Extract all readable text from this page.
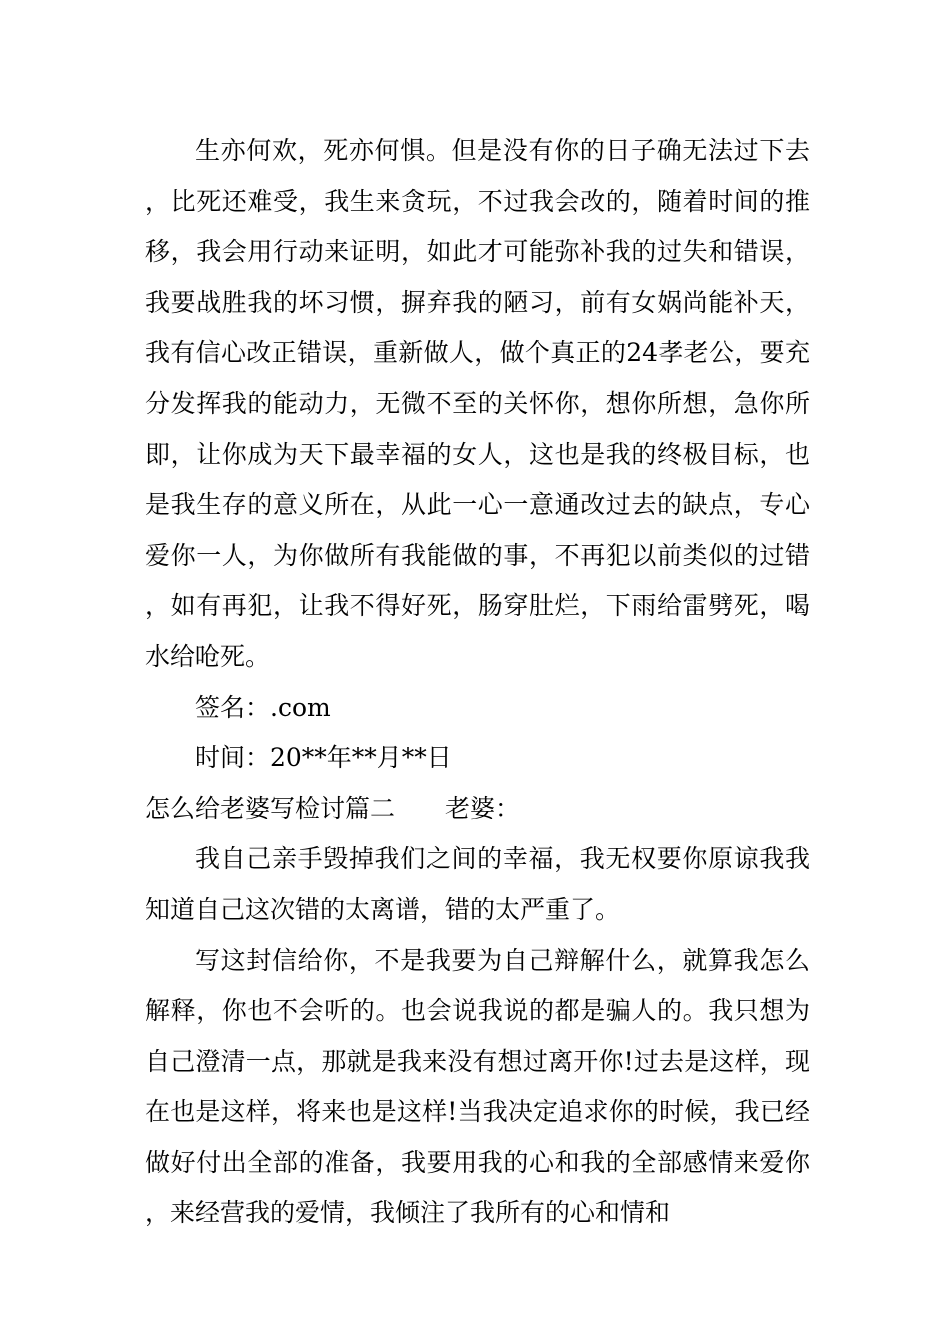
生亦何欢，死亦何惧。但是没有你的日子确无法过下去，比死还难受，我生来贪玩，不过我会改的，随着时间的推移，我会用行动来证明，如此才可能弥补我的过失和错误，我要战胜我的坏习惯，摒弃我的陋习，前有女娲尚能补天，我有信心改正错误，重新做人，做个真正的24孝老公，要充分发挥我的能动力，无微不至的关怀你，想你所想，急你所即，让你成为天下最幸福的女人，这也是我的终极目标，也是我生存的意义所在，从此一心一意通改过去的缺点，专心爱你一人，为你做所有我能做的事，不再犯以前类似的过错，如有再犯，让我不得好死，肠穿肚烂，下雨给雷劈死，喝水给呛死。

签名：.com

时间：20**年**月**日

怎么给老婆写检讨篇二 老婆：

我自己亲手毁掉我们之间的幸福，我无权要你原谅我我知道自己这次错的太离谱，错的太严重了。

写这封信给你，不是我要为自己辩解什么，就算我怎么解释，你也不会听的。也会说我说的都是骗人的。我只想为自己澄清一点，那就是我来没有想过离开你!过去是这样，现在也是这样，将来也是这样!当我决定追求你的时候，我已经做好付出全部的准备，我要用我的心和我的全部感情来爱你，来经营我的爱情，我倾注了我所有的心和情和
